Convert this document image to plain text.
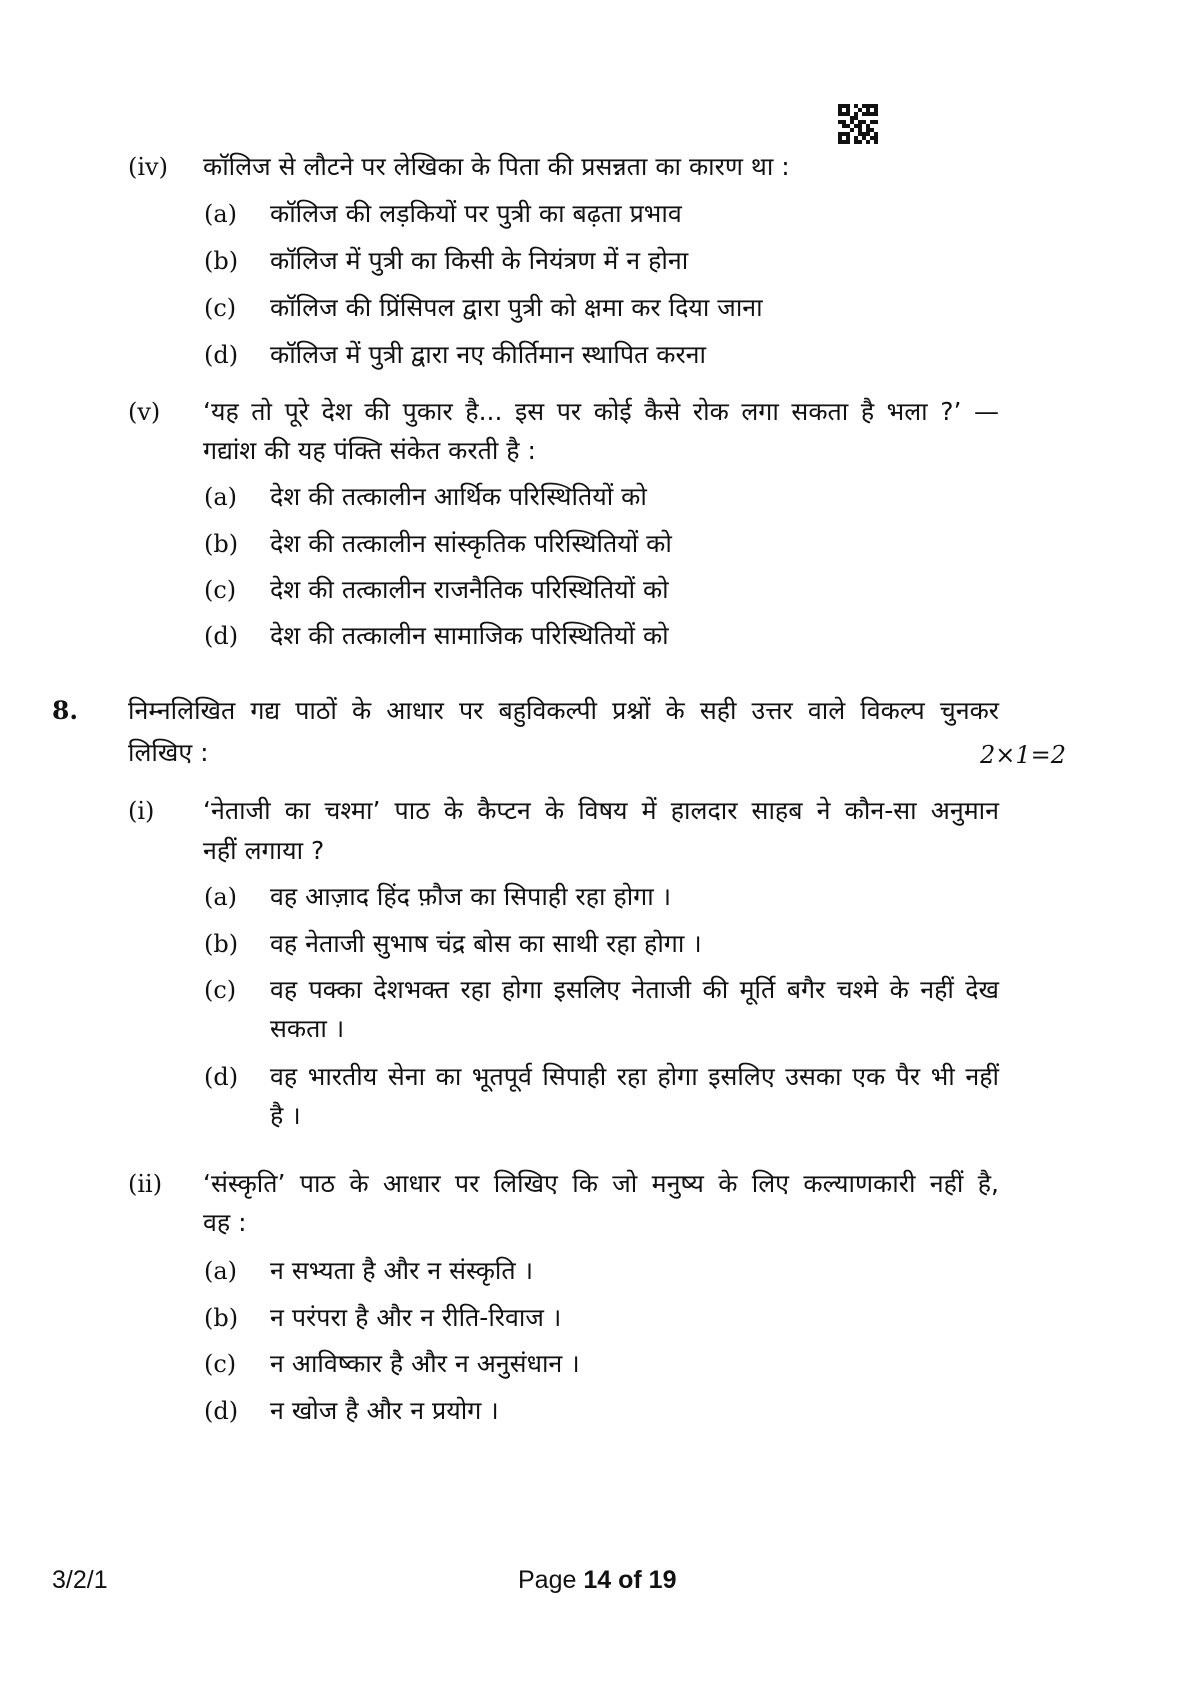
(iv) कॉलिज से लौटने पर लेखिका के पिता की प्रसन्नता का कारण था :
(a) कॉलिज की लड़कियों पर पुत्री का बढ़ता प्रभाव
(b) कॉलिज में पुत्री का किसी के नियंत्रण में न होना
(c) कॉलिज की प्रिंसिपल द्वारा पुत्री को क्षमा कर दिया जाना
(d) कॉलिज में पुत्री द्वारा नए कीर्तिमान स्थापित करना
(v) ‘यह तो पूरे देश की पुकार है... इस पर कोई कैसे रोक लगा सकता है भला ?’ —
गद्यांश की यह पंक्ति संकेत करती है :
(a) देश की तत्कालीन आर्थिक परिस्थितियों को
(b) देश की तत्कालीन सांस्कृतिक परिस्थितियों को
(c) देश की तत्कालीन राजनैतिक परिस्थितियों को
(d) देश की तत्कालीन सामाजिक परिस्थितियों को
8. निम्नलिखित गद्य पाठों के आधार पर बहुविकल्पी प्रश्नों के सही उत्तर वाले विकल्प चुनकर
लिखिए :	2×1=2
(i) ‘नेताजी का चश्मा’ पाठ के कैप्टन के विषय में हालदार साहब ने कौन-सा अनुमान
नहीं लगाया ?
(a) वह आज़ाद हिंद फ़ौज का सिपाही रहा होगा ।
(b) वह नेताजी सुभाष चंद्र बोस का साथी रहा होगा ।
(c) वह पक्का देशभक्त रहा होगा इसलिए नेताजी की मूर्ति बगैर चश्मे के नहीं देख
सकता ।
(d) वह भारतीय सेना का भूतपूर्व सिपाही रहा होगा इसलिए उसका एक पैर भी नहीं
है ।
(ii) ‘संस्कृति’ पाठ के आधार पर लिखिए कि जो मनुष्य के लिए कल्याणकारी नहीं है,
वह :
(a) न सभ्यता है और न संस्कृति ।
(b) न परंपरा है और न रीति-रिवाज ।
(c) न आविष्कार है और न अनुसंधान ।
(d) न खोज है और न प्रयोग ।
3/2/1	Page 14 of 19
